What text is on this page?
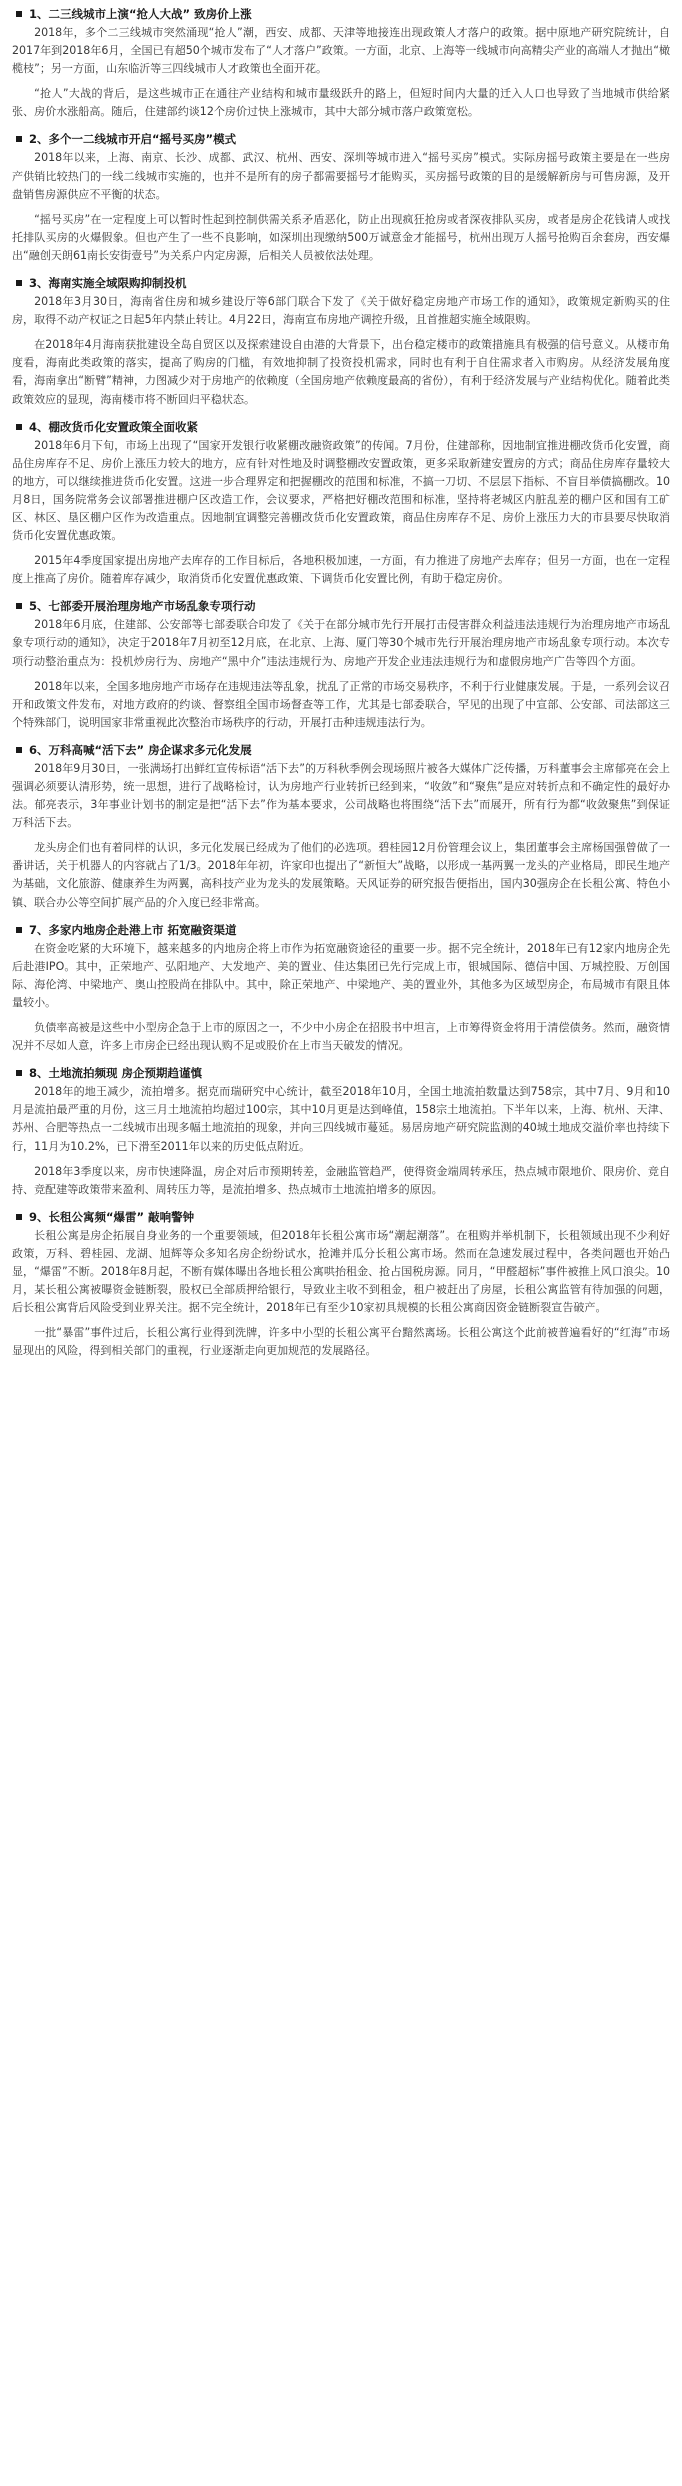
1、二三线城市上演“抢人大战” 致房价上涨

2018年，多个二三线城市突然涌现“抢人”潮，西安、成都、天津等地接连出现政策人才落户的政策。据中原地产研究院统计，自2017年到2018年6月，全国已有超50个城市发布了“人才落户”政策。一方面，北京、上海等一线城市向高精尖产业的高端人才抛出“橄榄枝”；另一方面，山东临沂等三四线城市人才政策也全面开花。

“抢人”大战的背后，是这些城市正在通往产业结构和城市量级跃升的路上，但短时间内大量的迁入人口也导致了当地城市供给紧张、房价水涨船高。随后，住建部约谈12个房价过快上涨城市，其中大部分城市落户政策宽松。

2、多个一二线城市开启“摇号买房”模式

2018年以来，上海、南京、长沙、成都、武汉、杭州、西安、深圳等城市进入“摇号买房”模式。实际房摇号政策主要是在一些房产供销比较热门的一线二线城市实施的，也并不是所有的房子都需要摇号才能购买，买房摇号政策的目的是缓解新房与可售房源，及开盘销售房源供应不平衡的状态。

“摇号买房”在一定程度上可以暂时性起到控制供需关系矛盾恶化，防止出现疯狂抢房或者深夜排队买房，或者是房企花钱请人或找托排队买房的火爆假象。但也产生了一些不良影响，如深圳出现缴纳500万诚意金才能摇号，杭州出现万人摇号抢购百余套房，西安爆出“融创天朗61南长安街壹号”为关系户内定房源，后相关人员被依法处理。

3、海南实施全域限购抑制投机

2018年3月30日，海南省住房和城乡建设厅等6部门联合下发了《关于做好稳定房地产市场工作的通知》，政策规定新购买的住房，取得不动产权证之日起5年内禁止转让。4月22日，海南宣布房地产调控升级，且首推超实施全域限购。

在2018年4月海南获批建设全岛自贸区以及探索建设自由港的大背景下，出台稳定楼市的政策措施具有极强的信号意义。从楼市角度看，海南此类政策的落实，提高了购房的门槛，有效地抑制了投资投机需求，同时也有利于自住需求者入市购房。从经济发展角度看，海南拿出“断臂”精神，力图减少对于房地产的依赖度（全国房地产依赖度最高的省份），有利于经济发展与产业结构优化。随着此类政策效应的显现，海南楼市将不断回归平稳状态。

4、棚改货币化安置政策全面收紧

2018年6月下旬，市场上出现了“国家开发银行收紧棚改融资政策”的传闻。7月份，住建部称，因地制宜推进棚改货币化安置，商品住房库存不足、房价上涨压力较大的地方，应有针对性地及时调整棚改安置政策，更多采取新建安置房的方式；商品住房库存量较大的地方，可以继续推进货币化安置。这进一步合理界定和把握棚改的范围和标准，不搞一刀切、不层层下指标、不盲目举债搞棚改。10月8日，国务院常务会议部署推进棚户区改造工作，会议要求，严格把好棚改范围和标准，坚持将老城区内脏乱差的棚户区和国有工矿区、林区、垦区棚户区作为改造重点。因地制宜调整完善棚改货币化安置政策，商品住房库存不足、房价上涨压力大的市县要尽快取消货币化安置优惠政策。

2015年4季度国家提出房地产去库存的工作目标后，各地积极加速，一方面，有力推进了房地产去库存；但另一方面，也在一定程度上推高了房价。随着库存减少，取消货币化安置优惠政策、下调货币化安置比例，有助于稳定房价。

5、七部委开展治理房地产市场乱象专项行动

2018年6月底，住建部、公安部等七部委联合印发了《关于在部分城市先行开展打击侵害群众利益违法违规行为治理房地产市场乱象专项行动的通知》，决定于2018年7月初至12月底，在北京、上海、厦门等30个城市先行开展治理房地产市场乱象专项行动。本次专项行动整治重点为：投机炒房行为、房地产“黑中介”违法违规行为、房地产开发企业违法违规行为和虚假房地产广告等四个方面。

2018年以来，全国多地房地产市场存在违规违法等乱象，扰乱了正常的市场交易秩序，不利于行业健康发展。于是，一系列会议召开和政策文件发布，对地方政府的约谈、督察组全国市场督查等工作，尤其是七部委联合，罕见的出现了中宣部、公安部、司法部这三个特殊部门，说明国家非常重视此次整治市场秩序的行动，开展打击种违规违法行为。

6、万科高喊“活下去” 房企谋求多元化发展

2018年9月30日，一张满场打出鲜红宣传标语“活下去”的万科秋季例会现场照片被各大媒体广泛传播，万科董事会主席郁亮在会上强调必须要认清形势，统一思想，进行了战略检讨，认为房地产行业转折已经到来，“收敛”和“聚焦”是应对转折点和不确定性的最好办法。郁亮表示，3年事业计划书的制定是把“活下去”作为基本要求，公司战略也将围绕“活下去”而展开，所有行为都“收敛聚焦”到保证万科活下去。

龙头房企们也有着同样的认识，多元化发展已经成为了他们的必选项。碧桂园12月份管理会议上，集团董事会主席杨国强曾做了一番讲话，关于机器人的内容就占了1/3。2018年年初，许家印也提出了“新恒大”战略，以形成一基两翼一龙头的产业格局，即民生地产为基础，文化旅游、健康养生为两翼，高科技产业为龙头的发展策略。天风证券的研究报告便指出，国内30强房企在长租公寓、特色小镇、联合办公等空间扩展产品的介入度已经非常高。

7、多家内地房企赴港上市 拓宽融资渠道

在资金吃紧的大环境下，越来越多的内地房企将上市作为拓宽融资途径的重要一步。据不完全统计，2018年已有12家内地房企先后赴港IPO。其中，正荣地产、弘阳地产、大发地产、美的置业、佳达集团已先行完成上市，银城国际、德信中国、万城控股、万创国际、海伦湾、中梁地产、奥山控股尚在排队中。其中，除正荣地产、中梁地产、美的置业外，其他多为区域型房企，布局城市有限且体量较小。

负债率高被是这些中小型房企急于上市的原因之一，不少中小房企在招股书中坦言，上市筹得资金将用于清偿债务。然而，融资情况并不尽如人意，许多上市房企已经出现认购不足或股价在上市当天破发的情况。

8、土地流拍频现 房企预期趋谨慎

2018年的地王减少，流拍增多。据克而瑞研究中心统计，截至2018年10月，全国土地流拍数量达到758宗，其中7月、9月和10月是流拍最严重的月份，这三月土地流拍均超过100宗，其中10月更是达到峰值，158宗土地流拍。下半年以来，上海、杭州、天津、苏州、合肥等热点一二线城市出现多幅土地流拍的现象，并向三四线城市蔓延。易居房地产研究院监测的40城土地成交溢价率也持续下行，11月为10.2%，已下滑至2011年以来的历史低点附近。

2018年3季度以来，房市快速降温，房企对后市预期转差，金融监管趋严，使得资金端周转承压，热点城市限地价、限房价、竞自持、竞配建等政策带来盈利、周转压力等，是流拍增多、热点城市土地流拍增多的原因。

9、长租公寓频“爆雷” 敲响警钟

长租公寓是房企拓展自身业务的一个重要领域，但2018年长租公寓市场“潮起潮落”。在租购并举机制下，长租领域出现不少利好政策，万科、碧桂园、龙湖、旭辉等众多知名房企纷纷试水，抢滩并瓜分长租公寓市场。然而在急速发展过程中，各类问题也开始凸显，“爆雷”不断。2018年8月起，不断有媒体曝出各地长租公寓哄抬租金、抢占国税房源。同月，“甲醛超标”事件被推上风口浪尖。10月，某长租公寓被曝资金链断裂，股权已全部质押给银行，导致业主收不到租金，租户被赶出了房屋，长租公寓监管有待加强的问题，后长租公寓背后风险受到业界关注。据不完全统计，2018年已有至少10家初具规模的长租公寓商因资金链断裂宣告破产。

一批“暴雷”事件过后，长租公寓行业得到洗牌，许多中小型的长租公寓平台黯然离场。长租公寓这个此前被普遍看好的“红海”市场显现出的风险，得到相关部门的重视，行业逐渐走向更加规范的发展路径。
